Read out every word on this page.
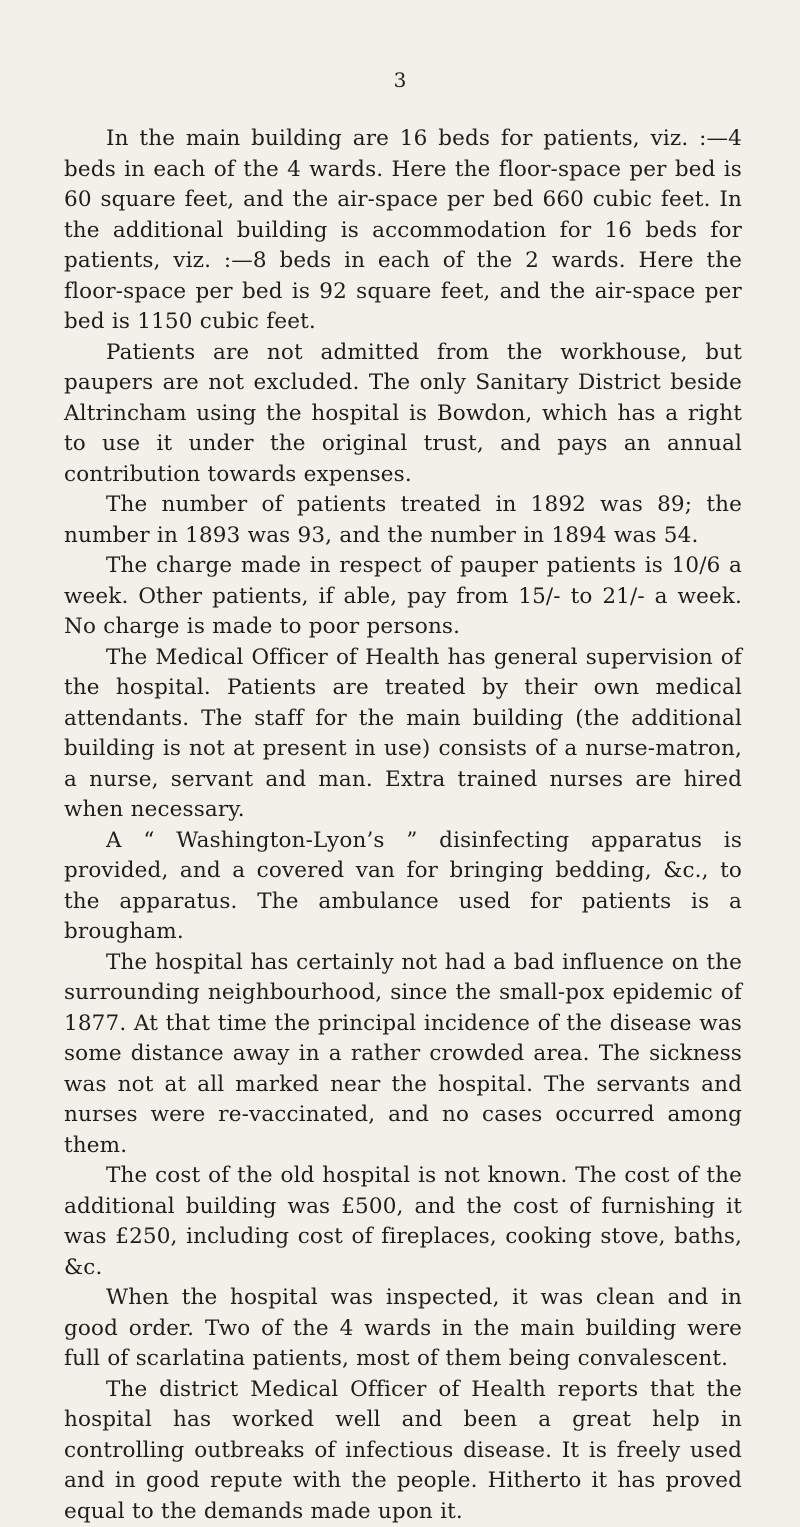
3

In the main building are 16 beds for patients, viz. :—4 beds in each of the 4 wards. Here the floor-space per bed is 60 square feet, and the air-space per bed 660 cubic feet. In the additional building is accommodation for 16 beds for patients, viz. :—8 beds in each of the 2 wards. Here the floor-space per bed is 92 square feet, and the air-space per bed is 1150 cubic feet.

Patients are not admitted from the workhouse, but paupers are not excluded. The only Sanitary District beside Altrincham using the hospital is Bowdon, which has a right to use it under the original trust, and pays an annual contribution towards expenses.

The number of patients treated in 1892 was 89; the number in 1893 was 93, and the number in 1894 was 54.

The charge made in respect of pauper patients is 10/6 a week. Other patients, if able, pay from 15/- to 21/- a week. No charge is made to poor persons.

The Medical Officer of Health has general supervision of the hospital. Patients are treated by their own medical attendants. The staff for the main building (the additional building is not at present in use) consists of a nurse-matron, a nurse, servant and man. Extra trained nurses are hired when necessary.

A “ Washington-Lyon’s ” disinfecting apparatus is provided, and a covered van for bringing bedding, &c., to the apparatus. The ambulance used for patients is a brougham.

The hospital has certainly not had a bad influence on the surrounding neighbourhood, since the small-pox epidemic of 1877. At that time the principal incidence of the disease was some distance away in a rather crowded area. The sickness was not at all marked near the hospital. The servants and nurses were re-vaccinated, and no cases occurred among them.

The cost of the old hospital is not known. The cost of the additional building was £500, and the cost of furnishing it was £250, including cost of fireplaces, cooking stove, baths, &c.

When the hospital was inspected, it was clean and in good order. Two of the 4 wards in the main building were full of scarlatina patients, most of them being convalescent.

The district Medical Officer of Health reports that the hospital has worked well and been a great help in controlling outbreaks of infectious disease. It is freely used and in good repute with the people. Hitherto it has proved equal to the demands made upon it.
